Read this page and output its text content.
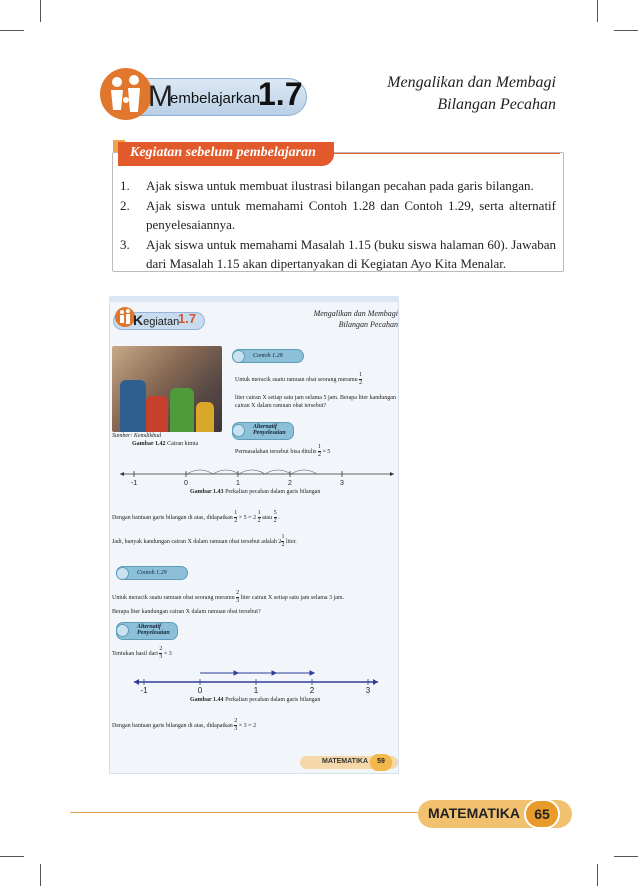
M
embelajarkan
1.7	Mengalikan dan Membagi
Bilangan Pecahan
Kegiatan sebelum pembelajaran
1. Ajak siswa untuk membuat ilustrasi bilangan pecahan pada garis bilangan.
2. Ajak siswa untuk memahami Contoh 1.28 dan Contoh 1.29, serta alternatif penyelesaiannya.
3. Ajak siswa untuk memahami Masalah 1.15 (buku siswa halaman 60). Jawaban dari Masalah 1.15 akan dipertanyakan di Kegiatan Ayo Kita Menalar.
Kegiatan
1.7	Mengalikan dan Membagi
Bilangan Pecahan
Sumber: Kemdikbud
Gambar 1.42 Cairan kimia
Contoh 1.28
Untuk meracik suatu ramuan obat seorang meramu $\frac{1}{2}$
liter cairan X setiap satu jam selama 5 jam. Berapa liter kandungan cairan X dalam ramuan obat tersebut?
Alternatif
Penyelesaian
Permasalahan tersebut bisa ditulis $\frac{1}{2} \times 5$
-1	0	1	2	3
Gambar 1.43 Perkalian pecahan dalam garis bilangan
Dengan bantuan garis bilangan di atas, didapatkan $\frac{1}{2} \times 5 = 2 \frac{1}{2}$ atau $\frac{5}{2}$ .
Jadi, banyak kandungan cairan X dalam ramuan obat tersebut adalah $2 \frac{1}{2}$ liter.
Contoh 1.29
Untuk meracik suatu ramuan obat seorang meramu $\frac{2}{3}$ liter cairan X setiap satu jam selama 3 jam.
Berapa liter kandungan cairan X dalam ramuan obat tersebut?
Alternatif
Penyelesaian
Tentukan hasil dari $\frac{2}{3} \times 3$
-1	0	1	2	3
Gambar 1.44 Perkalian pecahan dalam garis bilangan
Dengan bantuan garis bilangan di atas, didapatkan $\frac{2}{3} \times 3 = 2$
MATEMATIKA	59
MATEMATIKA	65
